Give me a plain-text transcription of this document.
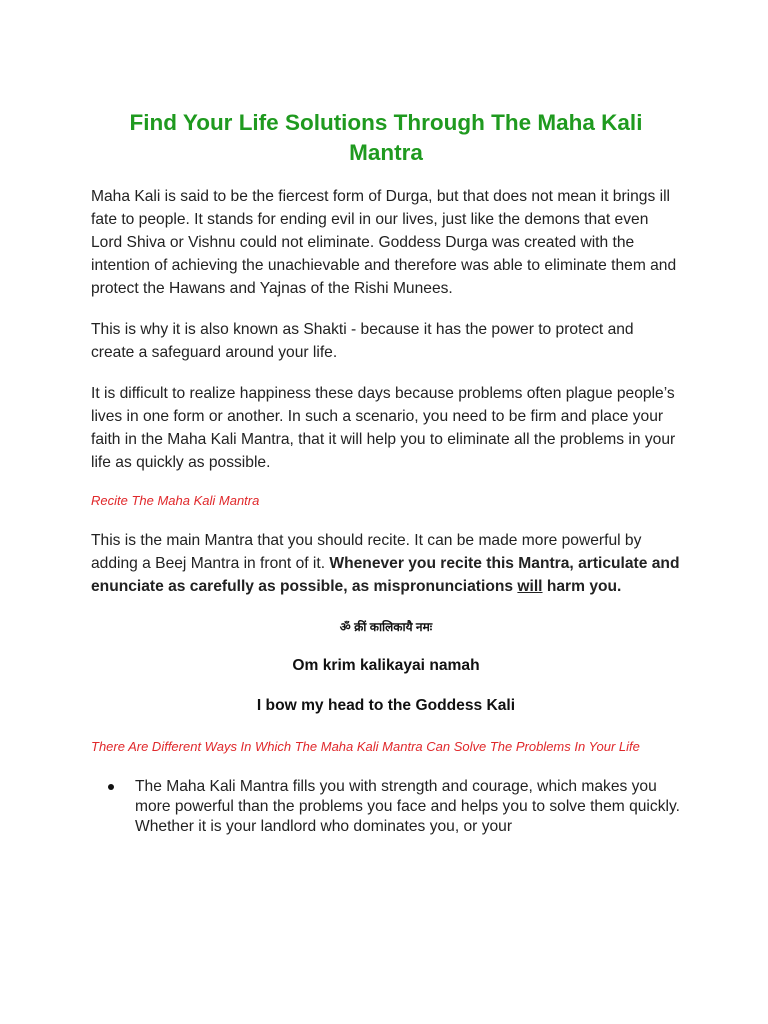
Find Your Life Solutions Through The Maha Kali Mantra

Maha Kali is said to be the fiercest form of Durga, but that does not mean it brings ill fate to people. It stands for ending evil in our lives, just like the demons that even Lord Shiva or Vishnu could not eliminate. Goddess Durga was created with the intention of achieving the unachievable and therefore was able to eliminate them and protect the Hawans and Yajnas of the Rishi Munees.

This is why it is also known as Shakti - because it has the power to protect and create a safeguard around your life.

It is difficult to realize happiness these days because problems often plague people’s lives in one form or another. In such a scenario, you need to be firm and place your faith in the Maha Kali Mantra, that it will help you to eliminate all the problems in your life as quickly as possible.

Recite The Maha Kali Mantra

This is the main Mantra that you should recite. It can be made more powerful by adding a Beej Mantra in front of it. Whenever you recite this Mantra, articulate and enunciate as carefully as possible, as mispronunciations will harm you.

ॐ क्रीं कालिकायै नमः

Om krim kalikayai namah

I bow my head to the Goddess Kali

There Are Different Ways In Which The Maha Kali Mantra Can Solve The Problems In Your Life

The Maha Kali Mantra fills you with strength and courage, which makes you more powerful than the problems you face and helps you to solve them quickly. Whether it is your landlord who dominates you, or your
